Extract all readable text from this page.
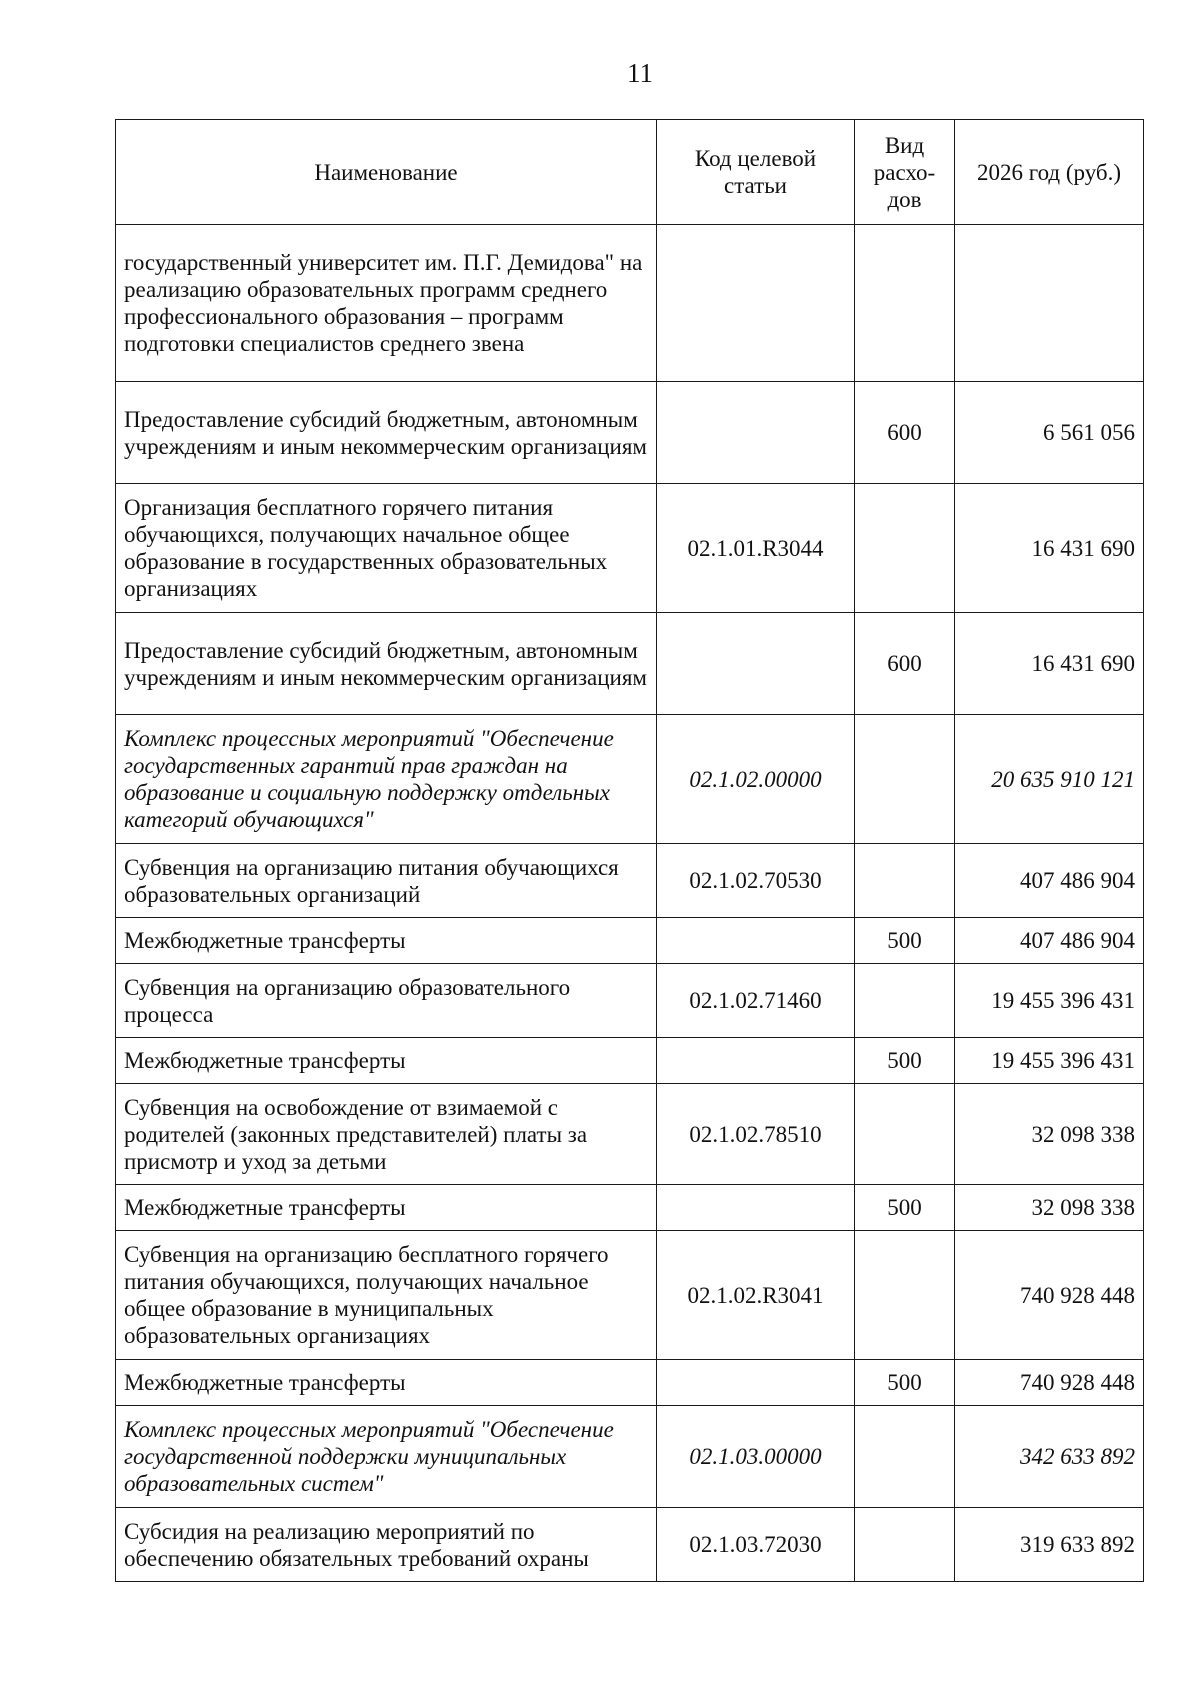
11
Наименование	Код целевой статьи	Вид расхо-дов	2026 год (руб.)
государственный университет им. П.Г. Демидова" на реализацию образовательных программ среднего профессионального образования – программ подготовки специалистов среднего звена			
Предоставление субсидий бюджетным, автономным учреждениям и иным некоммерческим организациям		600	6 561 056
Организация бесплатного горячего питания обучающихся, получающих начальное общее образование в государственных образовательных организациях	02.1.01.R3044		16 431 690
Предоставление субсидий бюджетным, автономным учреждениям и иным некоммерческим организациям		600	16 431 690
Комплекс процессных мероприятий "Обеспечение государственных гарантий прав граждан на образование и социальную поддержку отдельных категорий обучающихся"	02.1.02.00000		20 635 910 121
Субвенция на организацию питания обучающихся образовательных организаций	02.1.02.70530		407 486 904
Межбюджетные трансферты		500	407 486 904
Субвенция на организацию образовательного процесса	02.1.02.71460		19 455 396 431
Межбюджетные трансферты		500	19 455 396 431
Субвенция на освобождение от взимаемой с родителей (законных представителей) платы за присмотр и уход за детьми	02.1.02.78510		32 098 338
Межбюджетные трансферты		500	32 098 338
Субвенция на организацию бесплатного горячего питания обучающихся, получающих начальное общее образование в муниципальных образовательных организациях	02.1.02.R3041		740 928 448
Межбюджетные трансферты		500	740 928 448
Комплекс процессных мероприятий "Обеспечение государственной поддержки муниципальных образовательных систем"	02.1.03.00000		342 633 892
Субсидия на реализацию мероприятий по обеспечению обязательных требований охраны	02.1.03.72030		319 633 892
